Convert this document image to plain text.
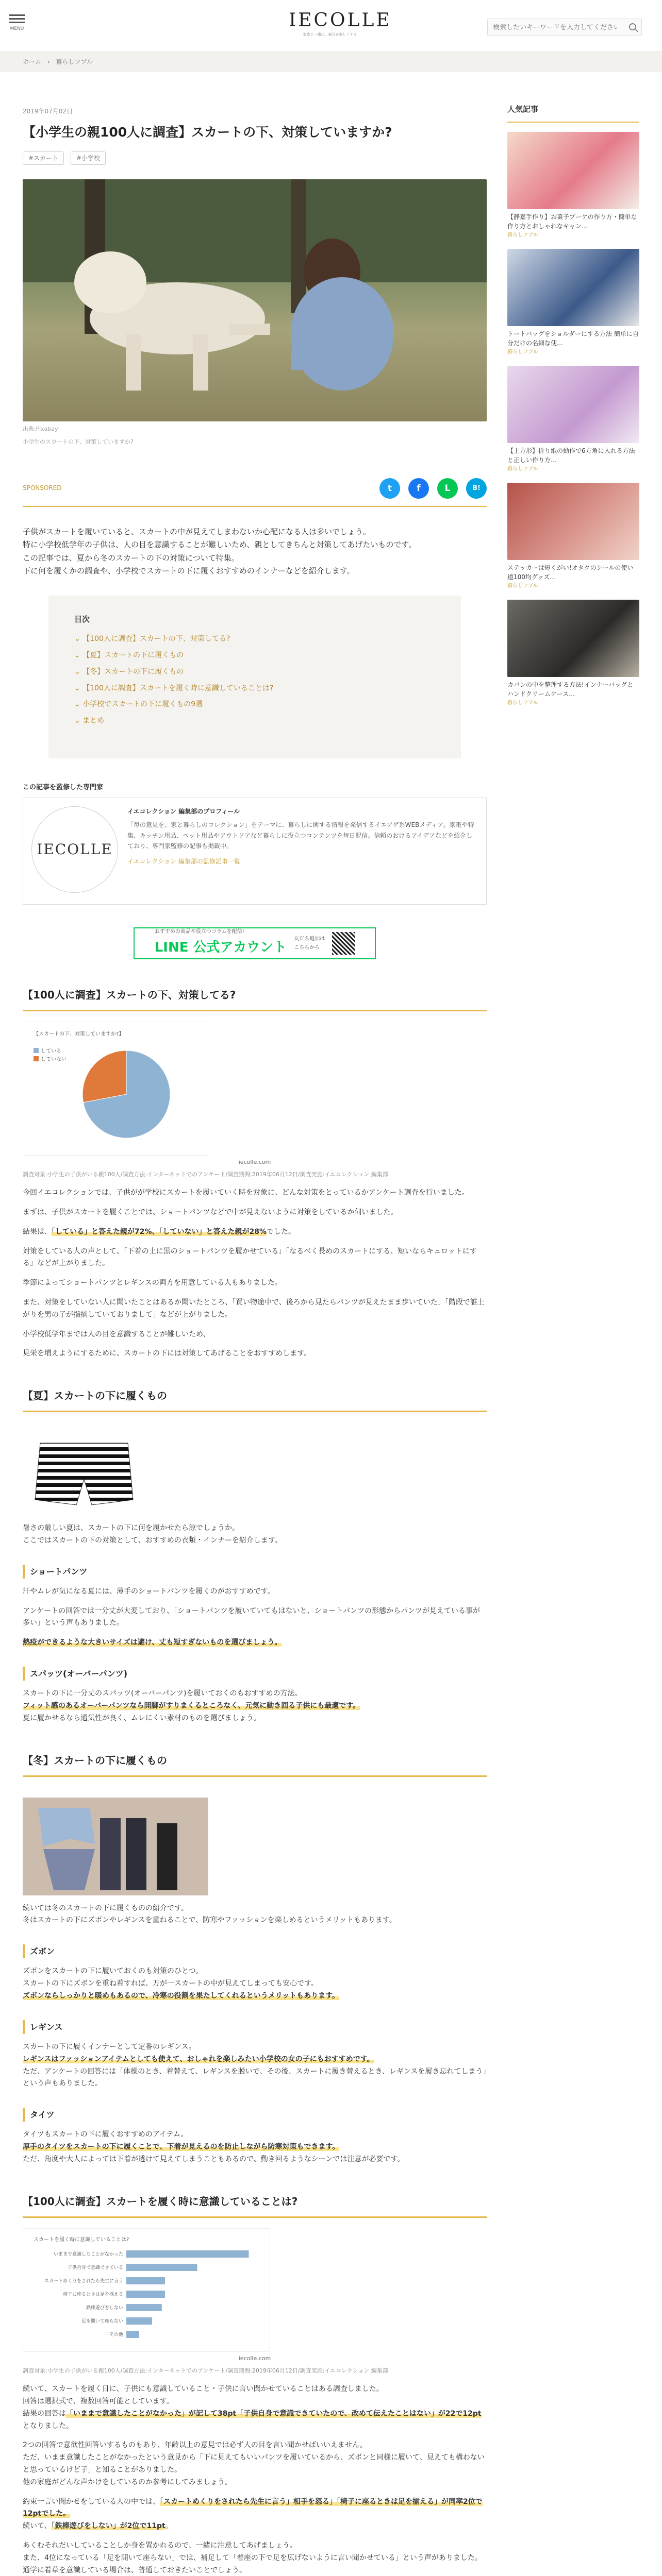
MENU	IECOLLE
家族と一緒に。毎日を楽しくする
検索したいキーワードを入力してください
ホーム › 暮らしフブル
2019年07月02日
【小学生の親100人に調査】スカートの下、対策していますか?
#スカート	#小学校
出典:Pixabay
小学生のスカートの下、対策していますか?
SPONSORED	t	f	L	B!
子供がスカートを履いていると、スカートの中が見えてしまわないか心配になる人は多いでしょう。
特に小学校低学年の子供は、人の目を意識することが難しいため、親としてきちんと対策してあげたいものです。
この記事では、夏から冬のスカートの下の対策について特集。
下に何を履くかの調査や、小学校でスカートの下に履くおすすめのインナーなどを紹介します。
目次
⌄ 【100人に調査】スカートの下、対策してる?
⌄ 【夏】スカートの下に履くもの
⌄ 【冬】スカートの下に履くもの
⌄ 【100人に調査】スカートを履く時に意識していることは?
⌄ 小学校でスカートの下に履くもの9選
⌄ まとめ
この記事を監修した専門家
IECOLLE
イエコレクション 編集部のプロフィール
「毎の意見を、家と暮らしのコレクション」をテーマに、暮らしに関する情報を発信するイエアゲ系WEBメディア。家電や特集、キッチン用品、ペット用品やアウトドアなど暮らしに役立つコンテンツを毎日配信。信頼のおけるアイデアなどを紹介しており、専門家監修の記事も掲載中。
イエコレクション 編集部の監修記事一覧
おすすめの商品や役立つコラムを配信!
LINE 公式アカウント
友だち追加はこちらから
【100人に調査】スカートの下、対策してる?
【スカートの下、対策していますか?】
している
していない
iecolle.com
調査対象:小学生の子供がいる親100人/調査方法:インターネットでのアンケート/調査期間:2019年06月12日/調査実施:イエコレクション 編集部

今回イエコレクションでは、子供がが学校にスカートを履いていく時を対象に、どんな対策をとっているかアンケート調査を行いました。

まずは、子供がスカートを履くことでは、ショートパンツなどで中が見えないように対策をしているか伺いました。

結果は、「している」と答えた親が72%、「していない」と答えた親が28%でした。

対策をしている人の声として、「下着の上に黒のショートパンツを履かせている」「なるべく長めのスカートにする、短いならキュロットにする」などが上がりました。

季節によってショートパンツとレギンスの両方を用意している人もありました。

また、対策をしていない人に聞いたことはあるか聞いたところ、「買い物途中で、後ろから見たらパンツが見えたまま歩いていた」「階段で誰上がりを男の子が指摘していておりまして」などが上がりました。

小学校低学年までは人の目を意識することが難しいため、

見栄を増えようにするために、スカートの下には対策してあげることをおすすめします。

【夏】スカートの下に履くもの

暑さの厳しい夏は、スカートの下に何を履かせたら涼でしょうか。

ここではスカートの下の対策として、おすすめの衣類・インナーを紹介します。

ショートパンツ

汗やムレが気になる夏には、薄手のショートパンツを履くのがおすすめです。

アンケートの回答では一分丈が大変しており、「ショートパンツを履いていてもはないと、ショートパンツの形態からパンツが見えている事が多い」という声もありました。

熱疫ができるような大きいサイズは避け、丈も短すぎないものを選びましょう。

スパッツ(オーバーパンツ)

スカートの下に一分丈のスパッツ(オーバーパンツ)を履いておくのもおすすめの方法。

フィット感のあるオーバーパンツなら開脚がすりまくるところなく、元気に動き回る子供にも最適です。

夏に履かせるなら通気性が良く、ムレにくい素材のものを選びましょう。

【冬】スカートの下に履くもの

続いては冬のスカートの下に履くものの紹介です。

冬はスカートの下にズボンやレギンスを重ねることで、防寒やファッションを楽しめるというメリットもあります。

ズボン

ズボンをスカートの下に履いておくのも対策のひとつ。

スカートの下にズボンを重ね着すれば、万が一スカートの中が見えてしまっても安心です。

ズボンならしっかりと暖めもあるので、冷寒の役割を果たしてくれるというメリットもあります。

レギンス

スカートの下に履くインナーとして定番のレギンス。

レギンスはファッションアイテムとしても使えて、おしゃれを楽しみたい小学校の女の子にもおすすめです。

ただ、アンケートの回答には「体操のとき、着替えて、レギンスを脱いで、その後、スカートに履き替えるとき、レギンスを履き忘れてしまう」という声もありました。

タイツ

タイツもスカートの下に履くおすすめのアイテム。

厚手のタイツをスカートの下に履くことで、下着が見えるのを防止しながら防寒対策もできます。

ただ、角度や大人によっては下着が透けて見えてしまうこともあるので、動き回るようなシーンでは注意が必要です。

【100人に調査】スカートを履く時に意識していることは?
スカートを履く時に意識していることは?
いままで意識したことがなかった
子供自身で意識できている
スカートめくりをされたら先生に言う
椅子に座るときは足を揃える
鉄棒遊びをしない
足を開いて座らない
その他
iecolle.com
調査対象:小学生の子供がいる親100人/調査方法:インターネットでのアンケート/調査期間:2019年06月12日/調査実施:イエコレクション 編集部

続いて、スカートを履く日に、子供にも意識していること・子供に言い聞かせていることはある調査しました。

回答は選択式で、複数回答可能としています。

結果の回答は「いままで意識したことがなかった」が記して38pt「子供自身で意識できていたので、改めて伝えたことはない」が22で12ptとなりました。

2つの回答で意欲性回答いするものもあり、年齢以上の意見では必ず人の目を言い聞かせばいいえません。

ただ、いまま意識したことがなかったという意見から「下に見えてもいいパンツを履いているから、ズボンと同様に履いて、見えても構わないと思っているけど子」と知ることがありました。

他の家庭がどんな声かけをしているのか参考にしてみましょう。

約束一言い聞かせをしている人の中では、「スカートめくりをされたら先生に言う」相手を怒る」「椅子に座るときは足を揃える」が同率2位で12ptでした。

続いて、「鉄棒遊びをしない」が2位で11pt。

あくむそれだいしていることしか身を置かれるので、一緒に注意してあげましょう。

また、4位になっている「足を開いて座らない」では、補足して「着座の下で足を広げないように言い聞かせている」という声がありました。

通学に着草を意識している場合は、普通しておきたいことでしょう。

人気記事
【静嘉手作り】お菓子ブーケの作り方・簡単な作り方とおしゃれなキャン…
暮らしフブル
トートバッグをショルダーにする方法 簡単に自分だけの名細な使…
暮らしフブル
【上方形】折り紙の動作で6方角に入れる方法と正しい作り方…
暮らしフブル
ステッカーは短くがい!オタクのシールの使い道100均グッズ…
暮らしフブル
カバンの中を整理する方法!インナーバッグとハンドクリームケース…
暮らしフブル
